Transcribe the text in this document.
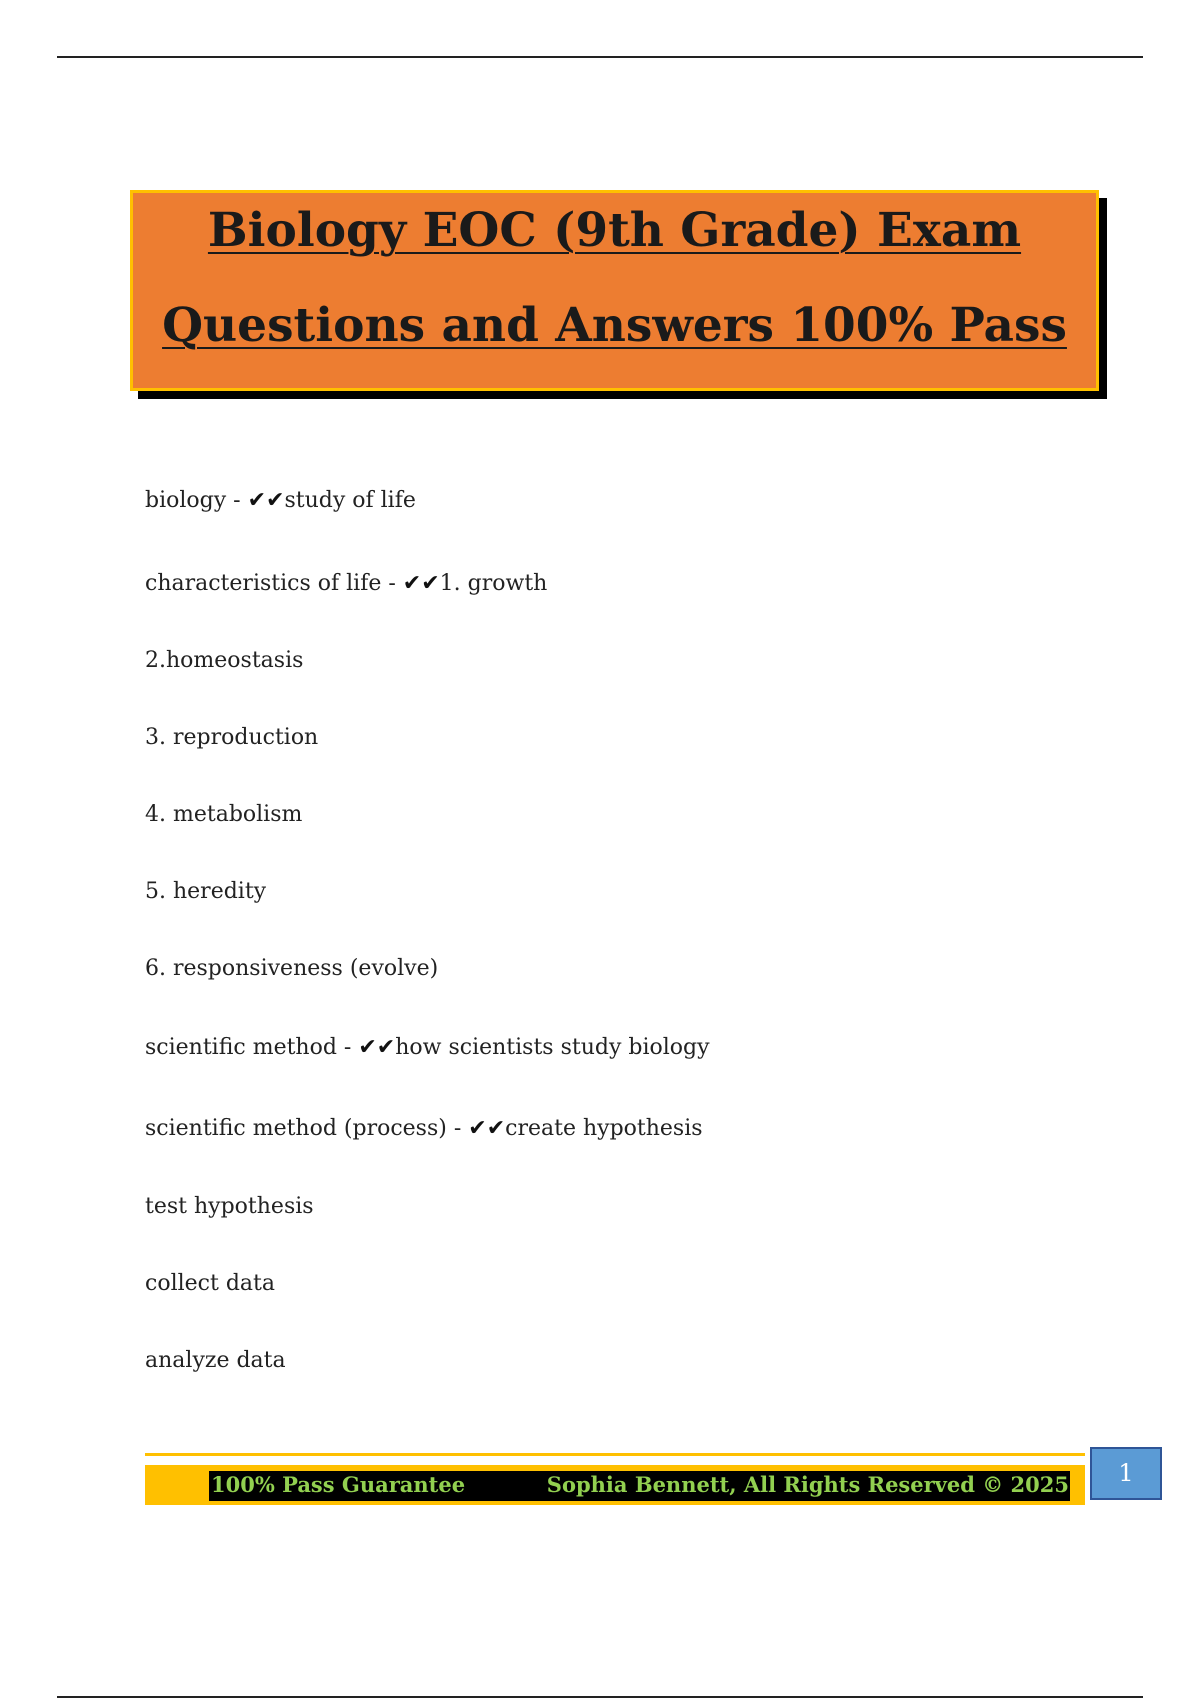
Biology EOC (9th Grade) Exam
Questions and Answers 100% Pass
biology - ✔✔study of life
characteristics of life - ✔✔1. growth
2.homeostasis
3. reproduction
4. metabolism
5. heredity
6. responsiveness (evolve)
scientific method - ✔✔how scientists study biology
scientific method (process) - ✔✔create hypothesis
test hypothesis
collect data
analyze data
100% Pass Guarantee	Sophia Bennett, All Rights Reserved © 2025	1
